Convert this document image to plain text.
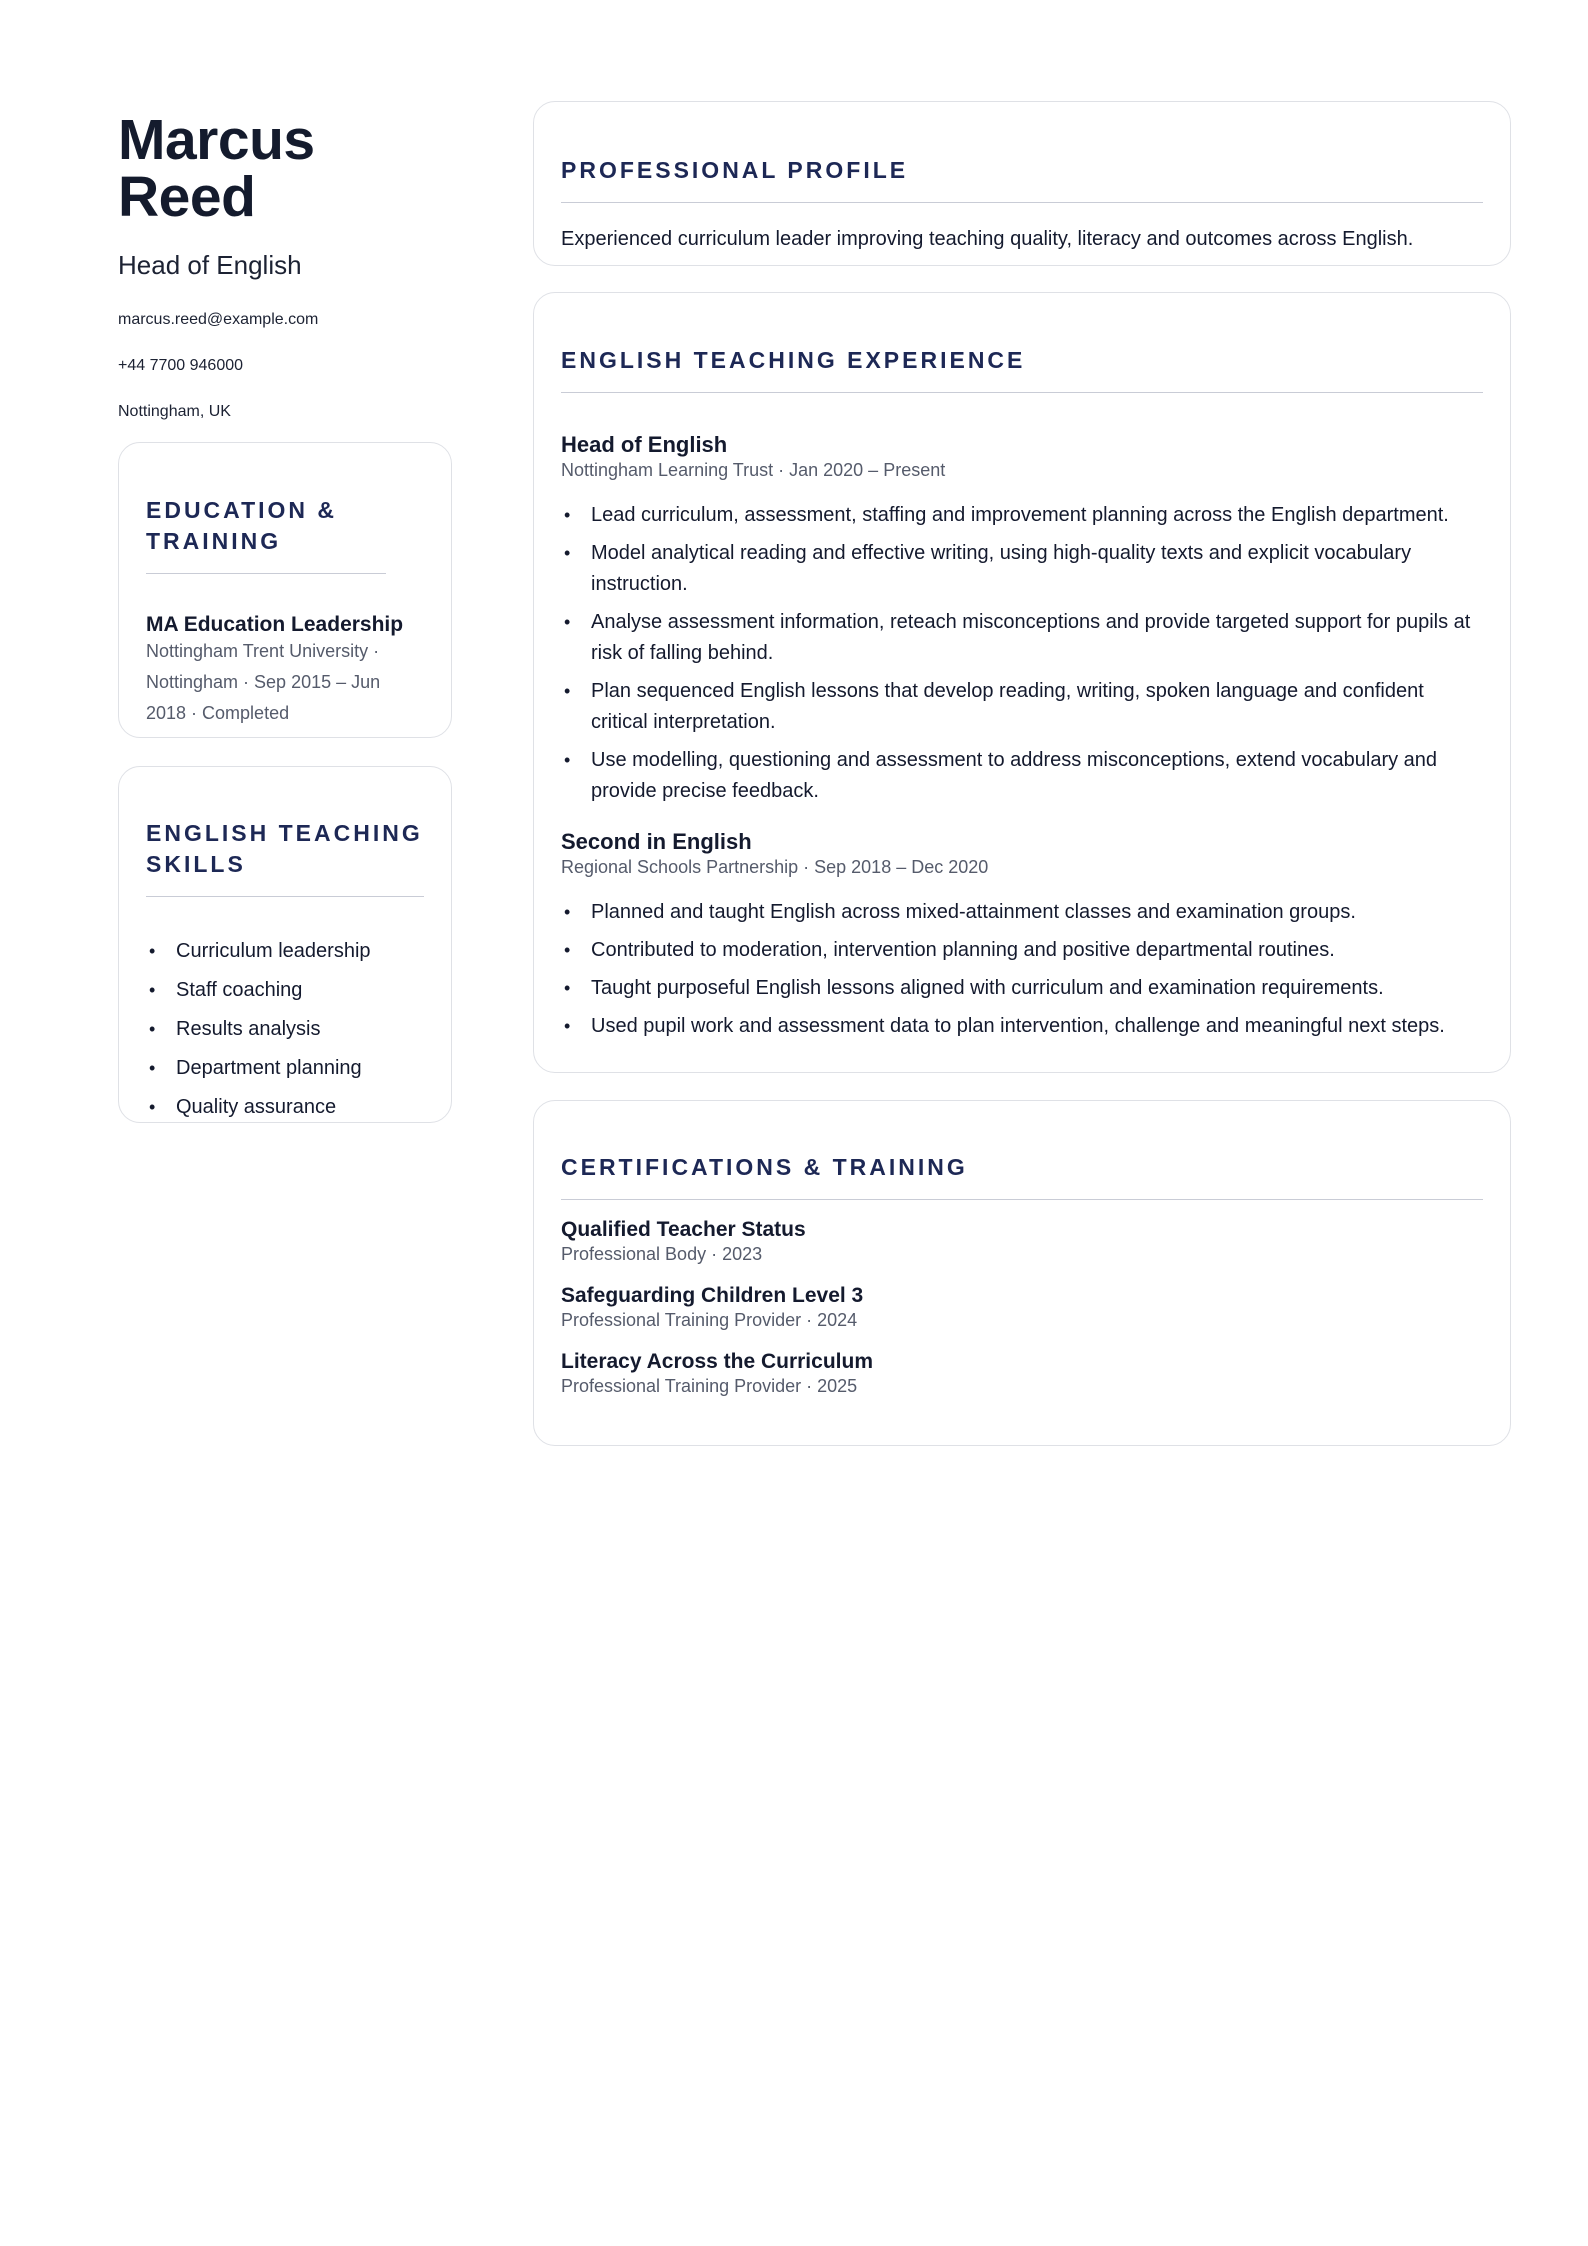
Marcus Reed
Head of English
marcus.reed@example.com
+44 7700 946000
Nottingham, UK
EDUCATION & TRAINING
MA Education Leadership
Nottingham Trent University · Nottingham · Sep 2015 – Jun 2018 · Completed
ENGLISH TEACHING SKILLS
• Curriculum leadership
• Staff coaching
• Results analysis
• Department planning
• Quality assurance
PROFESSIONAL PROFILE
Experienced curriculum leader improving teaching quality, literacy and outcomes across English.
ENGLISH TEACHING EXPERIENCE
Head of English
Nottingham Learning Trust · Jan 2020 – Present
• Lead curriculum, assessment, staffing and improvement planning across the English department.
• Model analytical reading and effective writing, using high-quality texts and explicit vocabulary instruction.
• Analyse assessment information, reteach misconceptions and provide targeted support for pupils at risk of falling behind.
• Plan sequenced English lessons that develop reading, writing, spoken language and confident critical interpretation.
• Use modelling, questioning and assessment to address misconceptions, extend vocabulary and provide precise feedback.
Second in English
Regional Schools Partnership · Sep 2018 – Dec 2020
• Planned and taught English across mixed-attainment classes and examination groups.
• Contributed to moderation, intervention planning and positive departmental routines.
• Taught purposeful English lessons aligned with curriculum and examination requirements.
• Used pupil work and assessment data to plan intervention, challenge and meaningful next steps.
CERTIFICATIONS & TRAINING
Qualified Teacher Status
Professional Body · 2023
Safeguarding Children Level 3
Professional Training Provider · 2024
Literacy Across the Curriculum
Professional Training Provider · 2025
